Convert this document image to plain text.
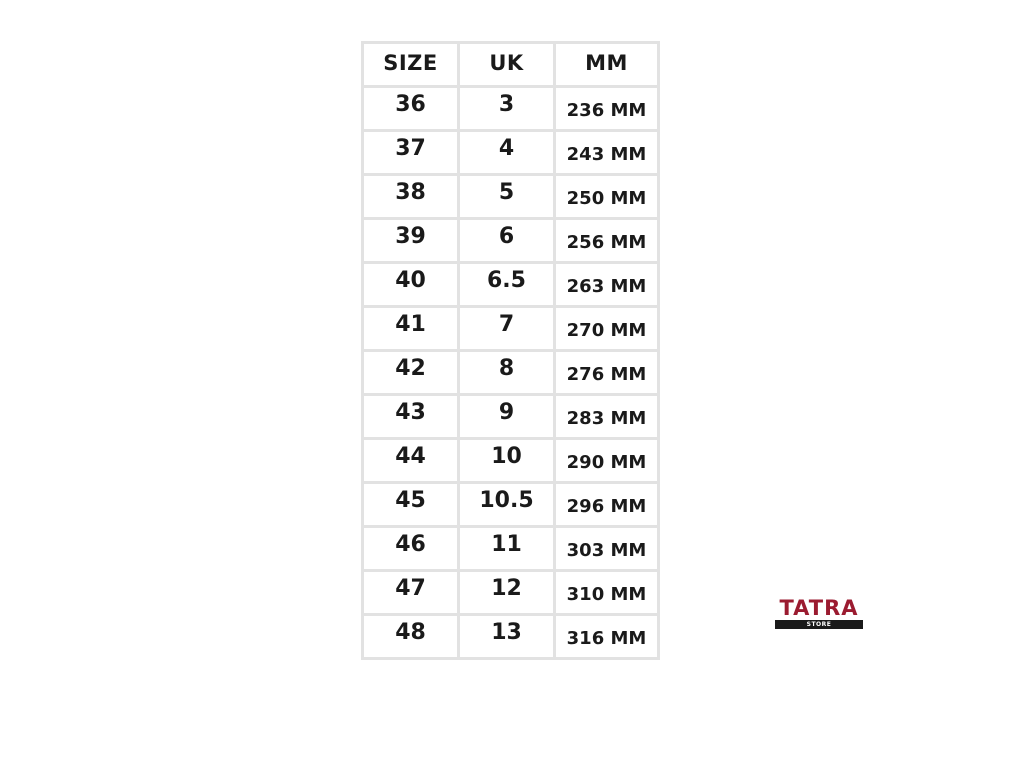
SIZE	UK	MM
36	3	236 MM
37	4	243 MM
38	5	250 MM
39	6	256 MM
40	6.5	263 MM
41	7	270 MM
42	8	276 MM
43	9	283 MM
44	10	290 MM
45	10.5	296 MM
46	11	303 MM
47	12	310 MM
48	13	316 MM
TATRA
STORE
